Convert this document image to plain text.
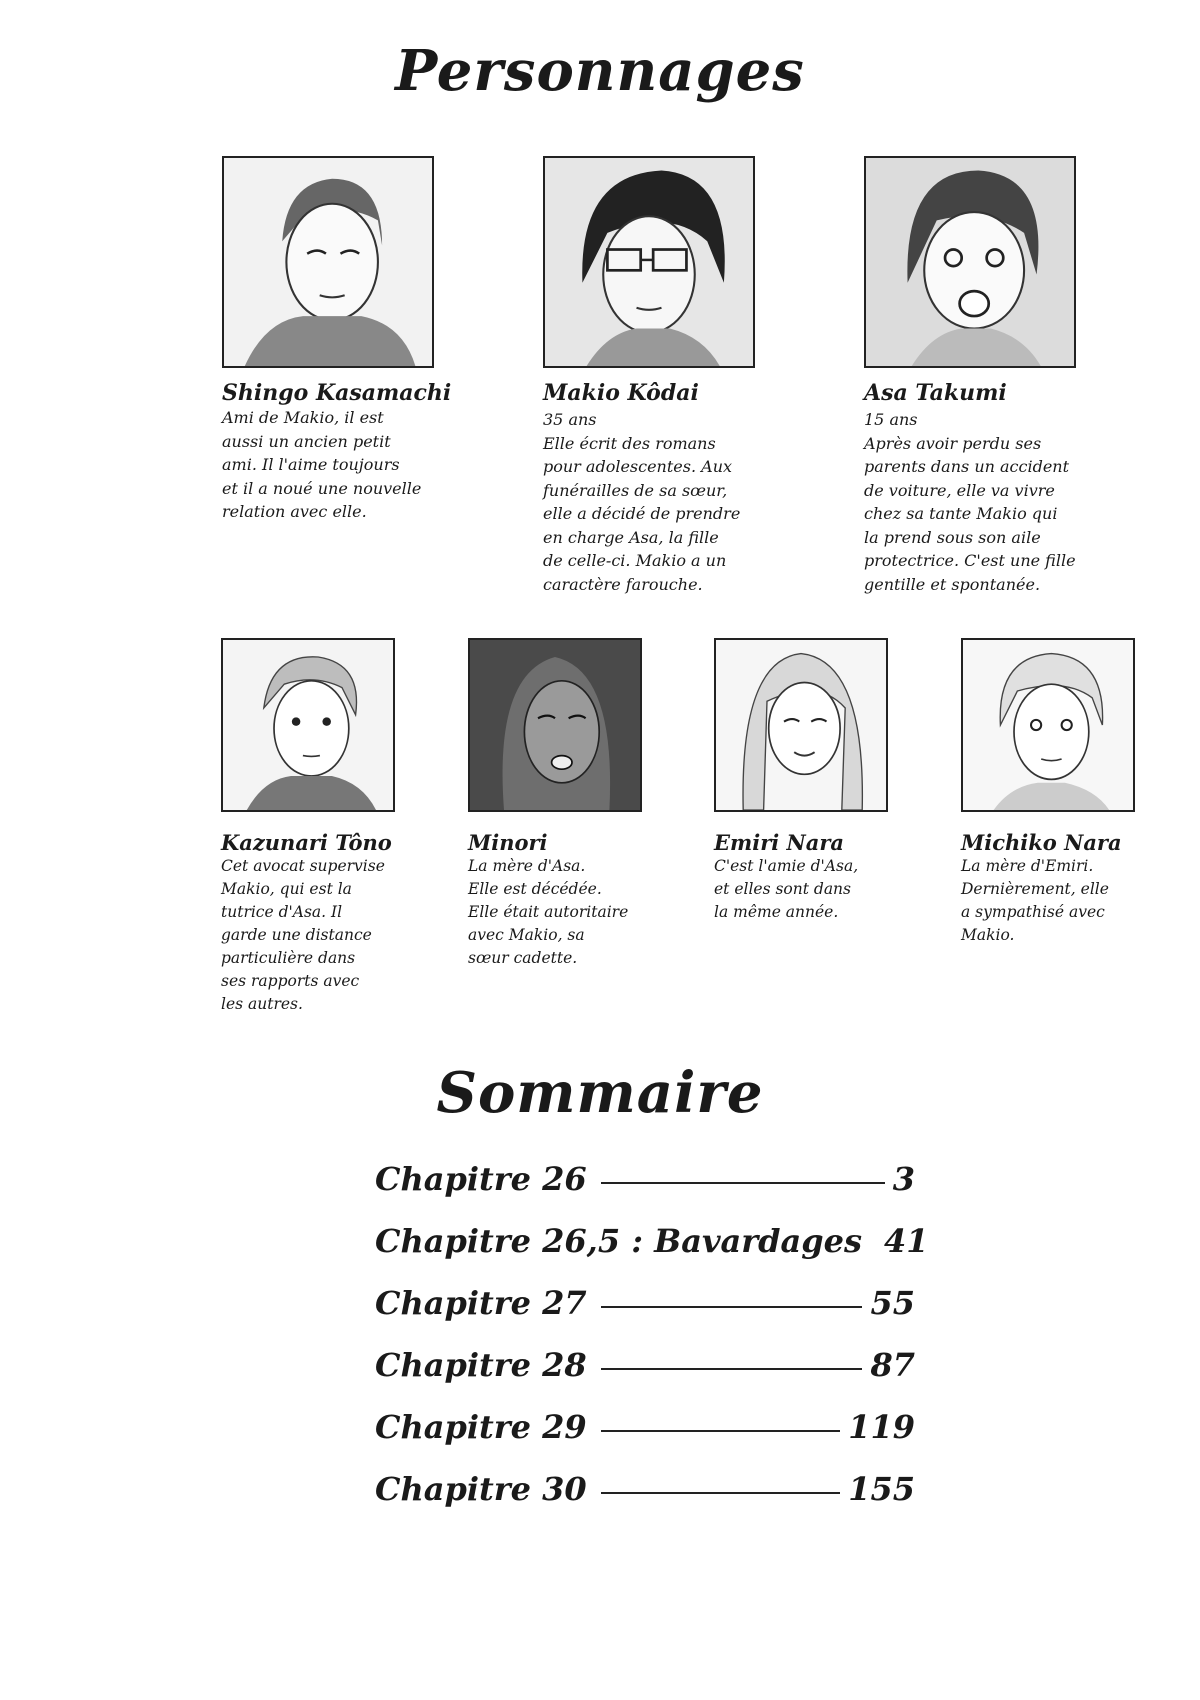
Personnages
Shingo Kasamachi
Ami de Makio, il est
aussi un ancien petit
ami. Il l'aime toujours
et il a noué une nouvelle
relation avec elle.
Makio Kôdai
35 ans
Elle écrit des romans
pour adolescentes. Aux
funérailles de sa sœur,
elle a décidé de prendre
en charge Asa, la fille
de celle-ci. Makio a un
caractère farouche.
Asa Takumi
15 ans
Après avoir perdu ses
parents dans un accident
de voiture, elle va vivre
chez sa tante Makio qui
la prend sous son aile
protectrice. C'est une fille
gentille et spontanée.
Kazunari Tôno
Cet avocat supervise
Makio, qui est la
tutrice d'Asa. Il
garde une distance
particulière dans
ses rapports avec
les autres.
Minori
La mère d'Asa.
Elle est décédée.
Elle était autoritaire
avec Makio, sa
sœur cadette.
Emiri Nara
C'est l'amie d'Asa,
et elles sont dans
la même année.
Michiko Nara
La mère d'Emiri.
Dernièrement, elle
a sympathisé avec
Makio.
Sommaire
Chapitre 26	3
Chapitre 26,5 : Bavardages 41
Chapitre 27	55
Chapitre 28	87
Chapitre 29	119
Chapitre 30	155
